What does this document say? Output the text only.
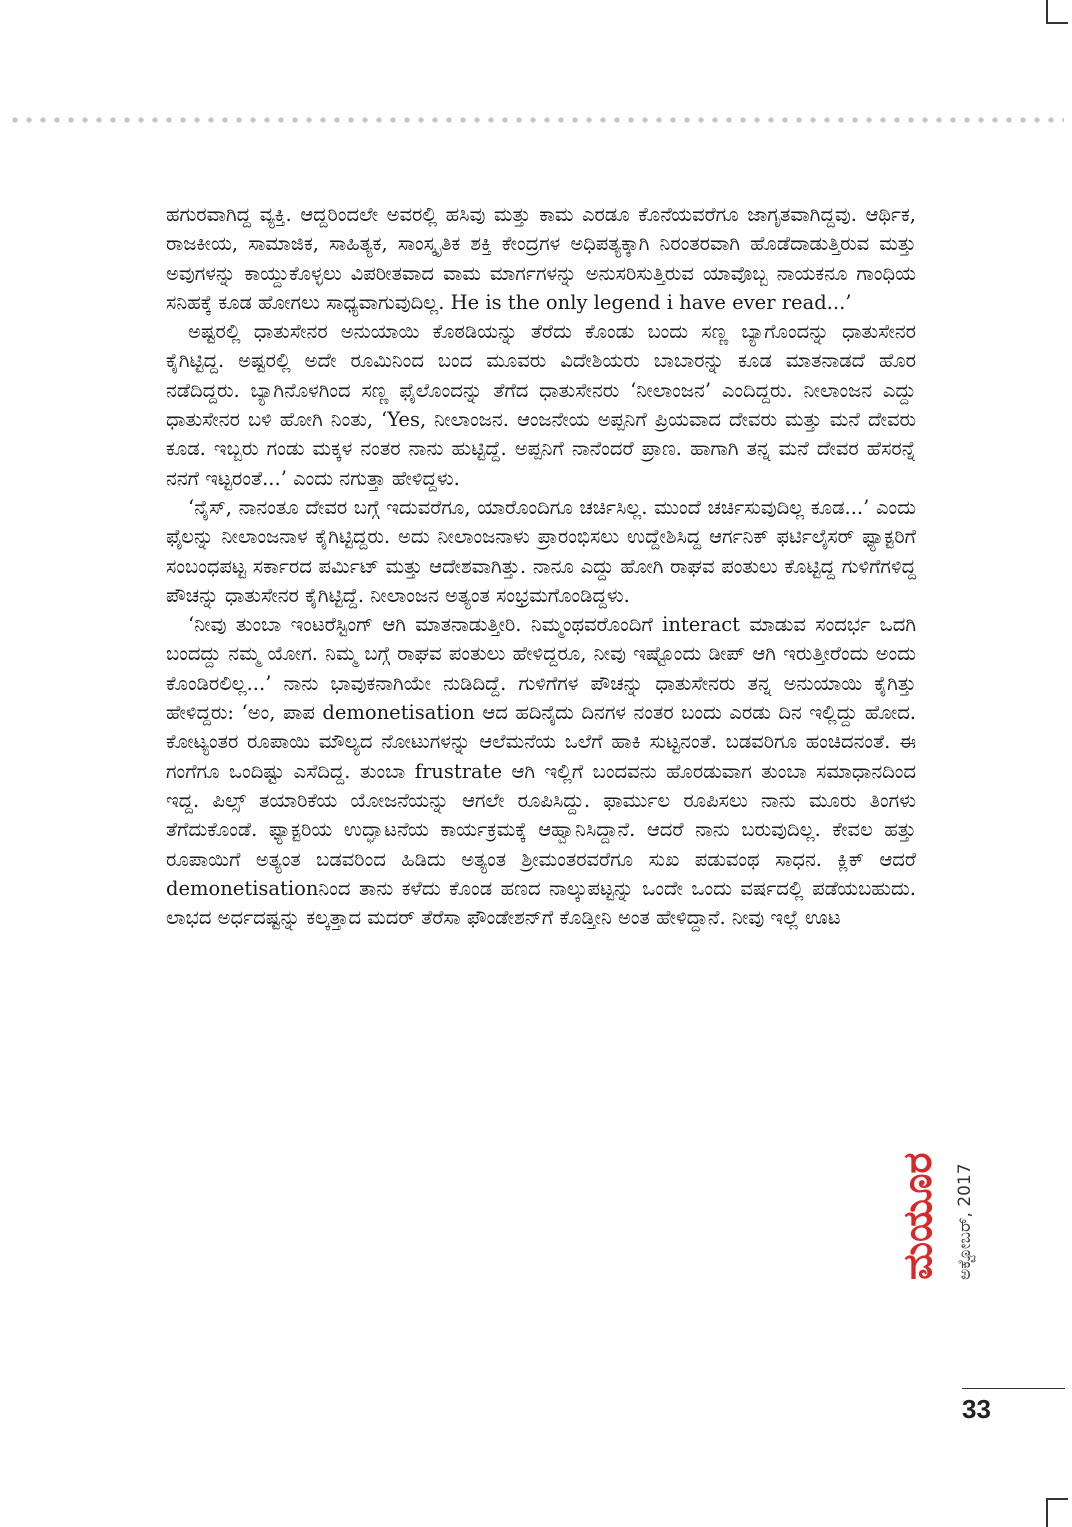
ಹಗುರವಾಗಿದ್ದ ವ್ಯಕ್ತಿ. ಆದ್ದರಿಂದಲೇ ಅವರಲ್ಲಿ ಹಸಿವು ಮತ್ತು ಕಾಮ ಎರಡೂ ಕೊನೆಯವರೆಗೂ ಜಾಗೃತವಾಗಿದ್ದವು. ಆರ್ಥಿಕ, ರಾಜಕೀಯ, ಸಾಮಾಜಿಕ, ಸಾಹಿತ್ಯಕ, ಸಾಂಸ್ಕೃತಿಕ ಶಕ್ತಿ ಕೇಂದ್ರಗಳ ಅಧಿಪತ್ಯಕ್ಕಾಗಿ ನಿರಂತರವಾಗಿ ಹೊಡೆದಾಡುತ್ತಿರುವ ಮತ್ತು ಅವುಗಳನ್ನು ಕಾಯ್ದುಕೊಳ್ಳಲು ವಿಪರೀತವಾದ ವಾಮ ಮಾರ್ಗಗಳನ್ನು ಅನುಸರಿಸುತ್ತಿರುವ ಯಾವೊಬ್ಬ ನಾಯಕನೂ ಗಾಂಧಿಯ ಸನಿಹಕ್ಕೆ ಕೂಡ ಹೋಗಲು ಸಾಧ್ಯವಾಗುವುದಿಲ್ಲ. He is the only legend i have ever read...’

ಅಷ್ಟರಲ್ಲಿ ಧಾತುಸೇನರ ಅನುಯಾಯಿ ಕೊಠಡಿಯನ್ನು ತೆರೆದು ಕೊಂಡು ಬಂದು ಸಣ್ಣ ಬ್ಯಾಗೊಂದನ್ನು ಧಾತುಸೇನರ ಕೈಗಿಟ್ಟಿದ್ದ. ಅಷ್ಟರಲ್ಲಿ ಅದೇ ರೂಮಿನಿಂದ ಬಂದ ಮೂವರು ವಿದೇಶಿಯರು ಬಾಬಾರನ್ನು ಕೂಡ ಮಾತನಾಡದೆ ಹೊರ ನಡೆದಿದ್ದರು. ಬ್ಯಾಗಿನೊಳಗಿಂದ ಸಣ್ಣ ಫೈಲೊಂದನ್ನು ತೆಗೆದ ಧಾತುಸೇನರು ‘ನೀಲಾಂಜನ’ ಎಂದಿದ್ದರು. ನೀಲಾಂಜನ ಎದ್ದು ಧಾತುಸೇನರ ಬಳಿ ಹೋಗಿ ನಿಂತು, ‘Yes, ನೀಲಾಂಜನ. ಆಂಜನೇಯ ಅಪ್ಪನಿಗೆ ಪ್ರಿಯವಾದ ದೇವರು ಮತ್ತು ಮನೆ ದೇವರು ಕೂಡ. ಇಬ್ಬರು ಗಂಡು ಮಕ್ಕಳ ನಂತರ ನಾನು ಹುಟ್ಟಿದ್ದೆ. ಅಪ್ಪನಿಗೆ ನಾನೆಂದರೆ ಪ್ರಾಣ. ಹಾಗಾಗಿ ತನ್ನ ಮನೆ ದೇವರ ಹೆಸರನ್ನೆ ನನಗೆ ಇಟ್ಟರಂತೆ...’ ಎಂದು ನಗುತ್ತಾ ಹೇಳಿದ್ದಳು.

‘ನೈಸ್, ನಾನಂತೂ ದೇವರ ಬಗ್ಗೆ ಇದುವರೆಗೂ, ಯಾರೊಂದಿಗೂ ಚರ್ಚಿಸಿಲ್ಲ. ಮುಂದೆ ಚರ್ಚಿಸುವುದಿಲ್ಲ ಕೂಡ...’ ಎಂದು ಫೈಲನ್ನು ನೀಲಾಂಜನಾಳ ಕೈಗಿಟ್ಟಿದ್ದರು. ಅದು ನೀಲಾಂಜನಾಳು ಪ್ರಾರಂಭಿಸಲು ಉದ್ದೇಶಿಸಿದ್ದ ಆರ್ಗನಿಕ್ ಫರ್ಟಿಲೈಸರ್ ಫ್ಯಾಕ್ಟರಿಗೆ ಸಂಬಂಧಪಟ್ಟ ಸರ್ಕಾರದ ಪರ್ಮಿಟ್ ಮತ್ತು ಆದೇಶವಾಗಿತ್ತು. ನಾನೂ ಎದ್ದು ಹೋಗಿ ರಾಘವ ಪಂತುಲು ಕೊಟ್ಟಿದ್ದ ಗುಳಿಗೆಗಳಿದ್ದ ಪೌಚನ್ನು ಧಾತುಸೇನರ ಕೈಗಿಟ್ಟಿದ್ದೆ. ನೀಲಾಂಜನ ಅತ್ಯಂತ ಸಂಭ್ರಮಗೊಂಡಿದ್ದಳು.

‘ನೀವು ತುಂಬಾ ಇಂಟರೆಸ್ಟಿಂಗ್ ಆಗಿ ಮಾತನಾಡುತ್ತೀರಿ. ನಿಮ್ಮಂಥವರೊಂದಿಗೆ interact ಮಾಡುವ ಸಂದರ್ಭ ಒದಗಿ ಬಂದದ್ದು ನಮ್ಮ ಯೋಗ. ನಿಮ್ಮ ಬಗ್ಗೆ ರಾಘವ ಪಂತುಲು ಹೇಳಿದ್ದರೂ, ನೀವು ಇಷ್ಟೊಂದು ಡೀಪ್ ಆಗಿ ಇರುತ್ತೀರೆಂದು ಅಂದು ಕೊಂಡಿರಲಿಲ್ಲ...’ ನಾನು ಭಾವುಕನಾಗಿಯೇ ನುಡಿದಿದ್ದೆ. ಗುಳಿಗೆಗಳ ಪೌಚನ್ನು ಧಾತುಸೇನರು ತನ್ನ ಅನುಯಾಯಿ ಕೈಗಿತ್ತು ಹೇಳಿದ್ದರು: ‘ಅಂ, ಪಾಪ demonetisation ಆದ ಹದಿನೈದು ದಿನಗಳ ನಂತರ ಬಂದು ಎರಡು ದಿನ ಇಲ್ಲಿದ್ದು ಹೋದ. ಕೋಟ್ಯಂತರ ರೂಪಾಯಿ ಮೌಲ್ಯದ ನೋಟುಗಳನ್ನು ಆಲೆಮನೆಯ ಒಲೆಗೆ ಹಾಕಿ ಸುಟ್ಟನಂತೆ. ಬಡವರಿಗೂ ಹಂಚಿದನಂತೆ. ಈ ಗಂಗೆಗೂ ಒಂದಿಷ್ಟು ಎಸೆದಿದ್ದ. ತುಂಬಾ frustrate ಆಗಿ ಇಲ್ಲಿಗೆ ಬಂದವನು ಹೊರಡುವಾಗ ತುಂಬಾ ಸಮಾಧಾನದಿಂದ ಇದ್ದ. ಪಿಲ್ಸ್ ತಯಾರಿಕೆಯ ಯೋಜನೆಯನ್ನು ಆಗಲೇ ರೂಪಿಸಿದ್ದು. ಫಾರ್ಮುಲ ರೂಪಿಸಲು ನಾನು ಮೂರು ತಿಂಗಳು ತೆಗೆದುಕೊಂಡೆ. ಫ್ಯಾಕ್ಟರಿಯ ಉದ್ಘಾಟನೆಯ ಕಾರ್ಯಕ್ರಮಕ್ಕೆ ಆಹ್ವಾನಿಸಿದ್ದಾನೆ. ಆದರೆ ನಾನು ಬರುವುದಿಲ್ಲ. ಕೇವಲ ಹತ್ತು ರೂಪಾಯಿಗೆ ಅತ್ಯಂತ ಬಡವರಿಂದ ಹಿಡಿದು ಅತ್ಯಂತ ಶ್ರೀಮಂತರವರೆಗೂ ಸುಖ ಪಡುವಂಥ ಸಾಧನ. ಕ್ಲಿಕ್ ಆದರೆ demonetisationನಿಂದ ತಾನು ಕಳೆದು ಕೊಂಡ ಹಣದ ನಾಲ್ಕುಪಟ್ಟನ್ನು ಒಂದೇ ಒಂದು ವರ್ಷದಲ್ಲಿ ಪಡೆಯಬಹುದು. ಲಾಭದ ಅರ್ಧದಷ್ಟನ್ನು ಕಲ್ಕತ್ತಾದ ಮದರ್ ತೆರೆಸಾ ಫೌಂಡೇಶನ್‌ಗೆ ಕೊಡ್ತೀನಿ ಅಂತ ಹೇಳಿದ್ದಾನೆ. ನೀವು ಇಲ್ಲೆ ಊಟ

ಮಯೂರ ಅಕ್ಟೋಬರ್, 2017
33
